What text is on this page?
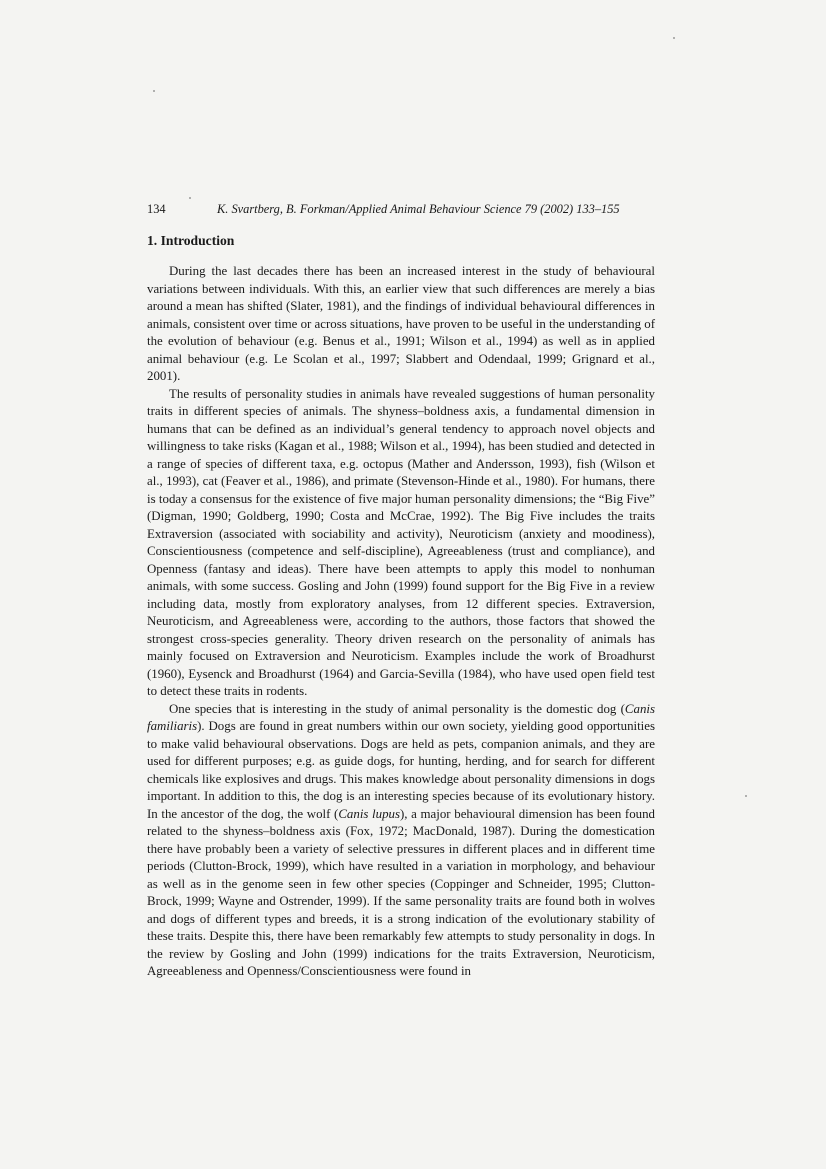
134	K. Svartberg, B. Forkman/Applied Animal Behaviour Science 79 (2002) 133–155
1. Introduction

During the last decades there has been an increased interest in the study of behavioural variations between individuals. With this, an earlier view that such differences are merely a bias around a mean has shifted (Slater, 1981), and the findings of individual behavioural differences in animals, consistent over time or across situations, have proven to be useful in the understanding of the evolution of behaviour (e.g. Benus et al., 1991; Wilson et al., 1994) as well as in applied animal behaviour (e.g. Le Scolan et al., 1997; Slabbert and Odendaal, 1999; Grignard et al., 2001).

The results of personality studies in animals have revealed suggestions of human personality traits in different species of animals. The shyness–boldness axis, a fundamental dimension in humans that can be defined as an individual’s general tendency to approach novel objects and willingness to take risks (Kagan et al., 1988; Wilson et al., 1994), has been studied and detected in a range of species of different taxa, e.g. octopus (Mather and Andersson, 1993), fish (Wilson et al., 1993), cat (Feaver et al., 1986), and primate (Stevenson-Hinde et al., 1980). For humans, there is today a consensus for the existence of five major human personality dimensions; the “Big Five” (Digman, 1990; Goldberg, 1990; Costa and McCrae, 1992). The Big Five includes the traits Extraversion (associated with sociability and activity), Neuroticism (anxiety and moodiness), Conscientiousness (competence and self-discipline), Agreeableness (trust and compliance), and Openness (fantasy and ideas). There have been attempts to apply this model to nonhuman animals, with some success. Gosling and John (1999) found support for the Big Five in a review including data, mostly from exploratory analyses, from 12 different species. Extraversion, Neuroticism, and Agreeableness were, according to the authors, those factors that showed the strongest cross-species generality. Theory driven research on the personality of animals has mainly focused on Extraversion and Neuroticism. Examples include the work of Broadhurst (1960), Eysenck and Broadhurst (1964) and Garcia-Sevilla (1984), who have used open field test to detect these traits in rodents.

One species that is interesting in the study of animal personality is the domestic dog (Canis familiaris). Dogs are found in great numbers within our own society, yielding good opportunities to make valid behavioural observations. Dogs are held as pets, companion animals, and they are used for different purposes; e.g. as guide dogs, for hunting, herding, and for search for different chemicals like explosives and drugs. This makes knowledge about personality dimensions in dogs important. In addition to this, the dog is an interesting species because of its evolutionary history. In the ancestor of the dog, the wolf (Canis lupus), a major behavioural dimension has been found related to the shyness–boldness axis (Fox, 1972; MacDonald, 1987). During the domestication there have probably been a variety of selective pressures in different places and in different time periods (Clutton-Brock, 1999), which have resulted in a variation in morphology, and behaviour as well as in the genome seen in few other species (Coppinger and Schneider, 1995; Clutton-Brock, 1999; Wayne and Ostrender, 1999). If the same personality traits are found both in wolves and dogs of different types and breeds, it is a strong indication of the evolutionary stability of these traits. Despite this, there have been remarkably few attempts to study personality in dogs. In the review by Gosling and John (1999) indications for the traits Extraversion, Neuroticism, Agreeableness and Openness/Conscientiousness were found in
